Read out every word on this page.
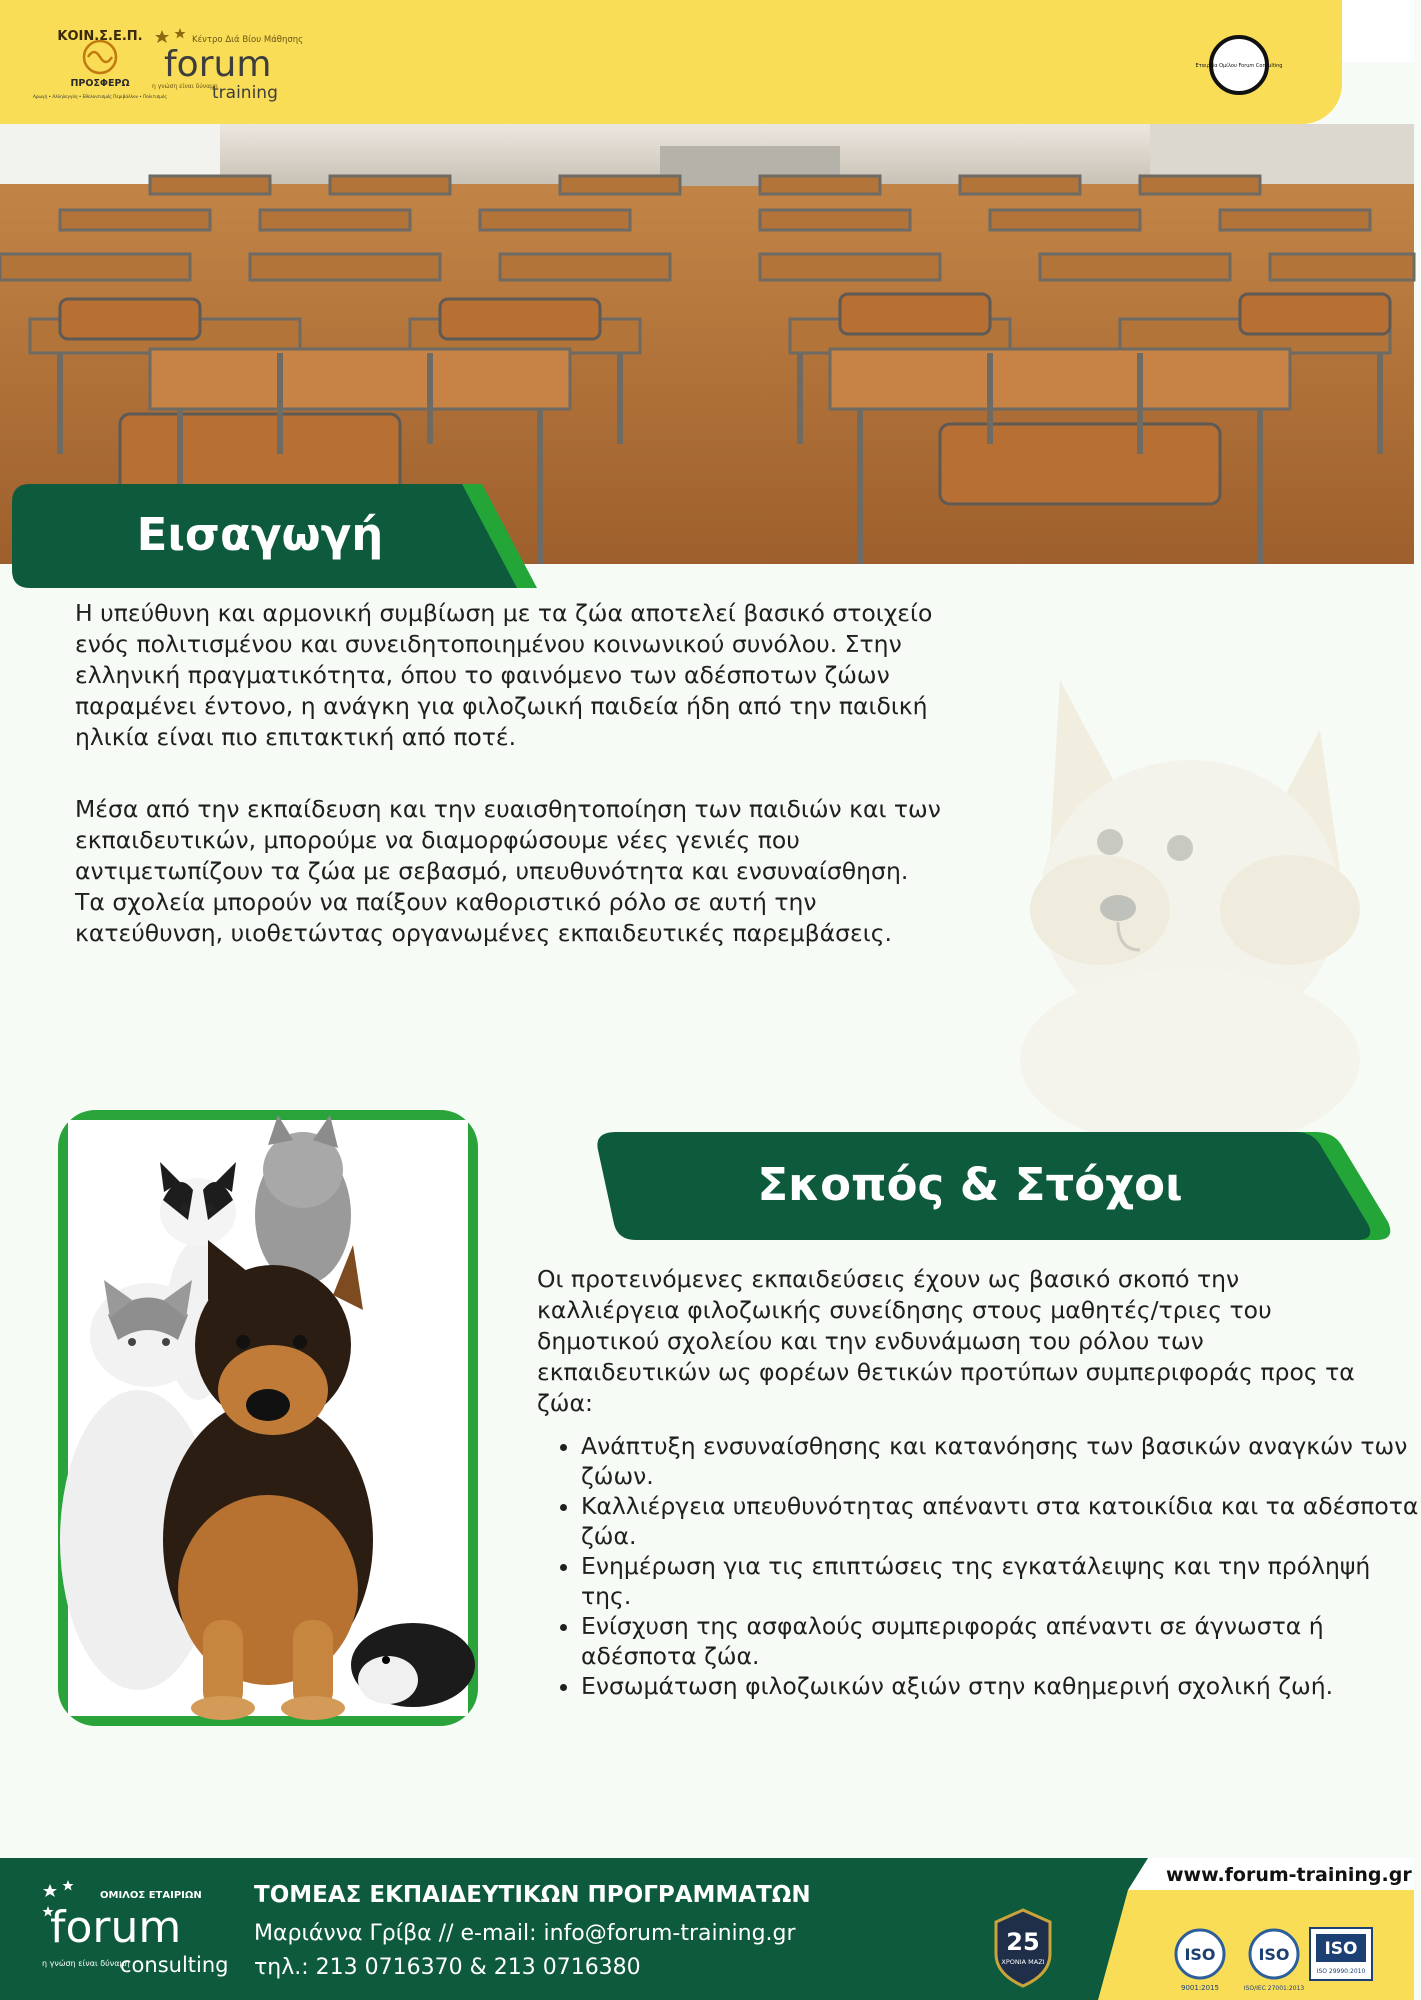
ΚΟΙΝ.Σ.Ε.Π.
ΠΡΟΣΦΕΡΩ
Αρωγή • Αλληλεγγύη • Εθελοντισμός Περιβάλλον • Πολιτισμός
Κέντρο Διά Βίου Μάθησης
forum
training
η γνώση είναι δύναμη
Εταιρεία Ομίλου Forum Consulting
Εισαγωγή

Η υπεύθυνη και αρμονική συμβίωση με τα ζώα αποτελεί βασικό στοιχείο ενός πολιτισμένου και συνειδητοποιημένου κοινωνικού συνόλου. Στην ελληνική πραγματικότητα, όπου το φαινόμενο των αδέσποτων ζώων παραμένει έντονο, η ανάγκη για φιλοζωική παιδεία ήδη από την παιδική ηλικία είναι πιο επιτακτική από ποτέ.

Μέσα από την εκπαίδευση και την ευαισθητοποίηση των παιδιών και των εκπαιδευτικών, μπορούμε να διαμορφώσουμε νέες γενιές που αντιμετωπίζουν τα ζώα με σεβασμό, υπευθυνότητα και ενσυναίσθηση. Τα σχολεία μπορούν να παίξουν καθοριστικό ρόλο σε αυτή την κατεύθυνση, υιοθετώντας οργανωμένες εκπαιδευτικές παρεμβάσεις.

Σκοπός & Στόχοι

Οι προτεινόμενες εκπαιδεύσεις έχουν ως βασικό σκοπό την καλλιέργεια φιλοζωικής συνείδησης στους μαθητές/τριες του δημοτικού σχολείου και την ενδυνάμωση του ρόλου των εκπαιδευτικών ως φορέων θετικών προτύπων συμπεριφοράς προς τα ζώα:

• Ανάπτυξη ενσυναίσθησης και κατανόησης των βασικών αναγκών των ζώων.
• Καλλιέργεια υπευθυνότητας απέναντι στα κατοικίδια και τα αδέσποτα ζώα.
• Ενημέρωση για τις επιπτώσεις της εγκατάλειψης και την πρόληψή της.
• Ενίσχυση της ασφαλούς συμπεριφοράς απέναντι σε άγνωστα ή αδέσποτα ζώα.
• Ενσωμάτωση φιλοζωικών αξιών στην καθημερινή σχολική ζωή.
ΟΜΙΛΟΣ ΕΤΑΙΡΙΩΝ
forum
consulting
η γνώση είναι δύναμη
25
ΧΡΟΝΙΑ ΜΑΖΙ	ISO
9001:2015
ISO
ISO/IEC 27001:2013
ISO
ISO 29990:2010
ΤΟΜΕΑΣ ΕΚΠΑΙΔΕΥΤΙΚΩΝ ΠΡΟΓΡΑΜΜΑΤΩΝ
Μαριάννα Γρίβα // e-mail: info@forum-training.gr
τηλ.: 213 0716370 & 213 0716380
www.forum-training.gr
